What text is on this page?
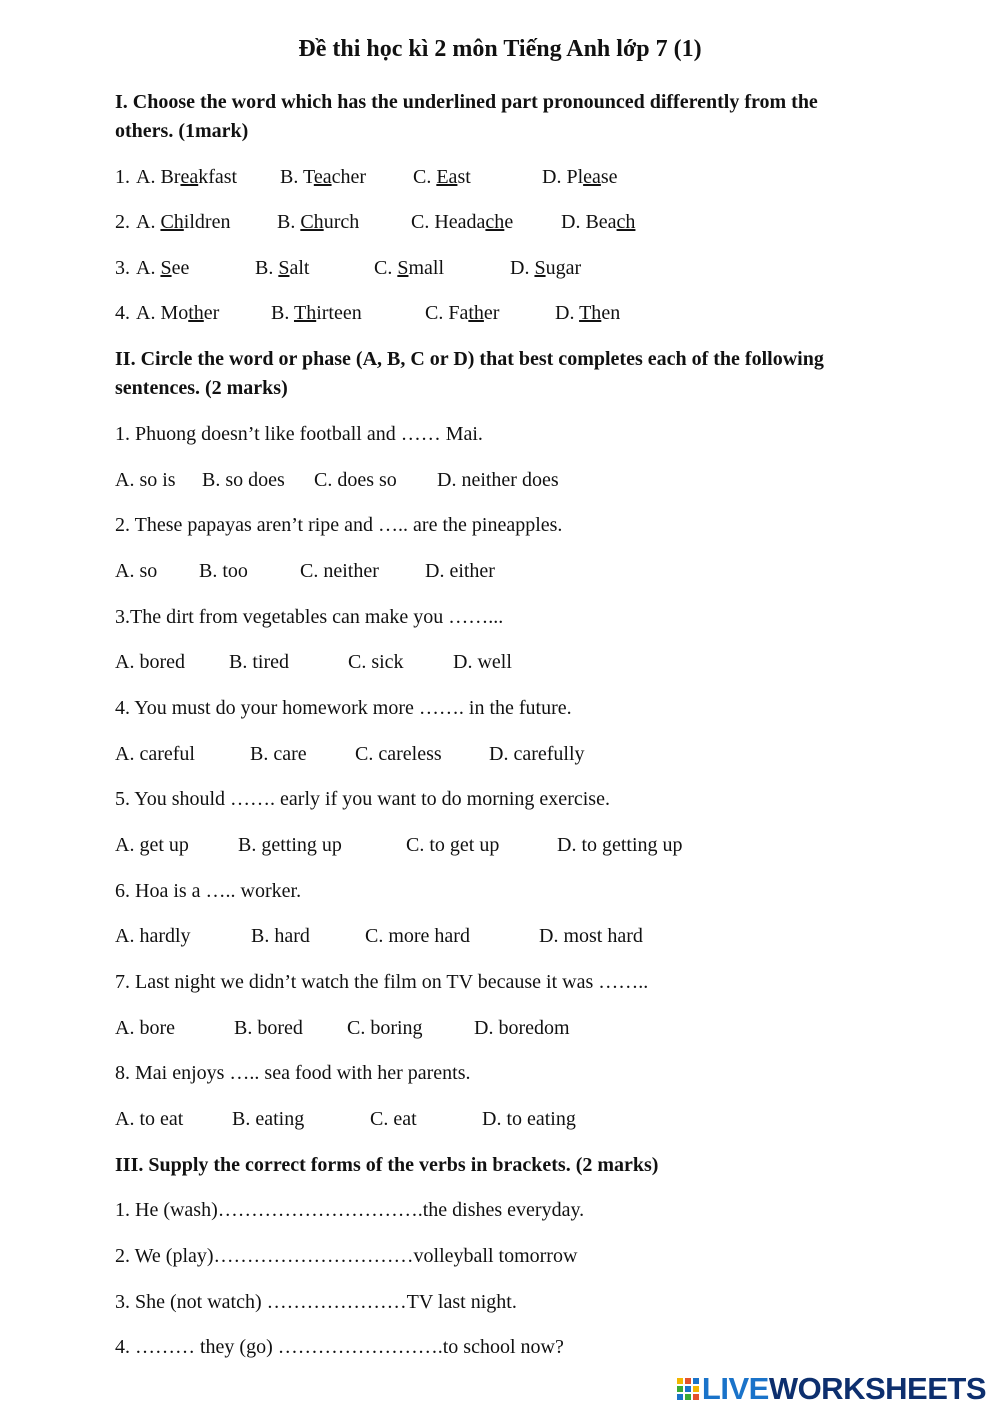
Đề thi học kì 2 môn Tiếng Anh lớp 7 (1)
I. Choose the word which has the underlined part pronounced differently from the
others. (1mark)
1. A. Breakfast B. Teacher C. East	D. Please
2. A. Children B. Church	C. Headache D. Beach
3. A. See	B. Salt	C. Small	D. Sugar
4. A. Mother	B. Thirteen	C. Father	D. Then
II. Circle the word or phase (A, B, C or D) that best completes each of the following
sentences. (2 marks)
1. Phuong doesn’t like football and …… Mai.
A. so is B. so does C. does so D. neither does
2. These papayas aren’t ripe and ….. are the pineapples.
A. so B. too	C. neither D. either
3.The dirt from vegetables can make you ……...
A. bored B. tired	C. sick D. well
4. You must do your homework more ……. in the future.
A. careful	B. care C. careless D. carefully
5. You should ……. early if you want to do morning exercise.
A. get up B. getting up	C. to get up	D. to getting up
6. Hoa is a ….. worker.
A. hardly	B. hard	C. more hard	D. most hard
7. Last night we didn’t watch the film on TV because it was ……..
A. bore	B. bored C. boring	D. boredom
8. Mai enjoys ….. sea food with her parents.
A. to eat B. eating	C. eat	D. to eating
III. Supply the correct forms of the verbs in brackets. (2 marks)
1. He (wash)………………………….the dishes everyday.
2. We (play)…………………………volleyball tomorrow
3. She (not watch) …………………TV last night.
4. ……… they (go) …………………….to school now?
LIVEWORKSHEETS
